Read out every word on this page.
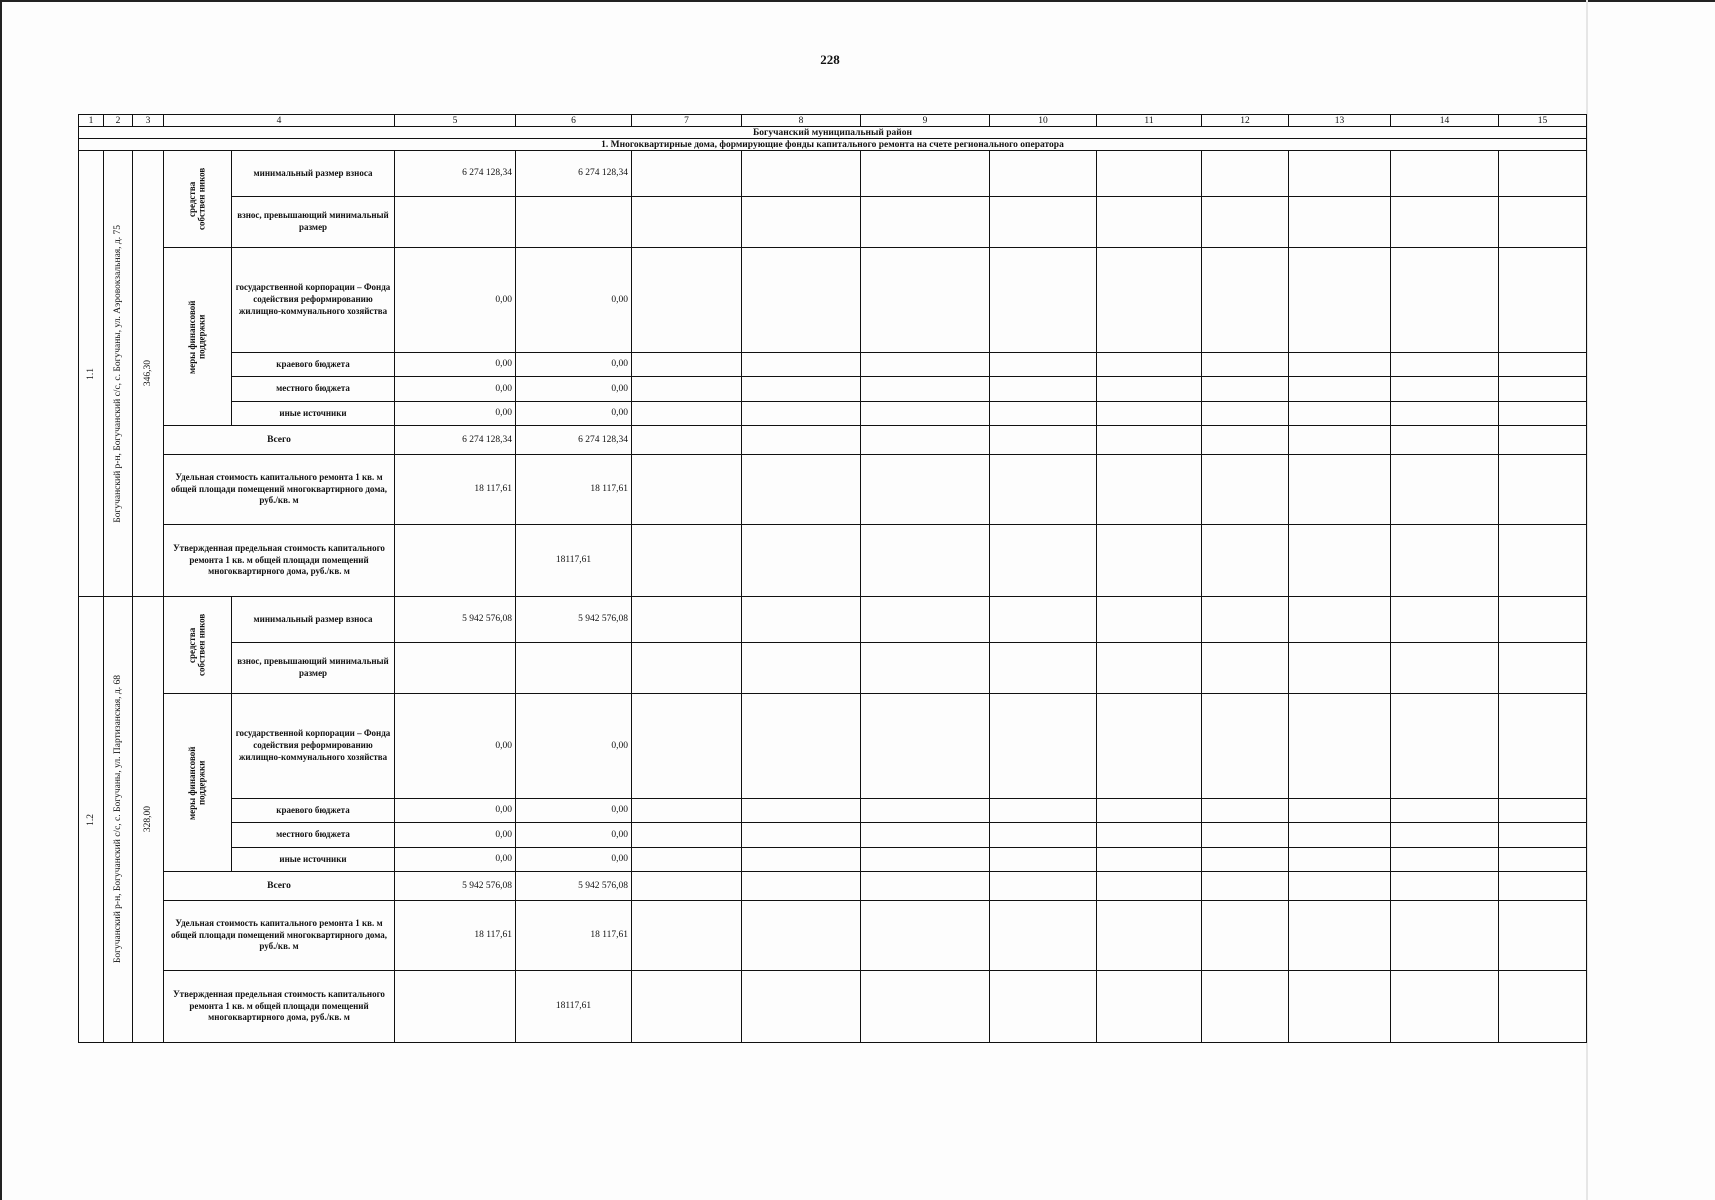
228
1	2	3	4		5	6	7	8	9	10	11	12	13	14	15
Богучанский муниципальный район															
1. Многоквартирные дома, формирующие фонды капитального ремонта на счете регионального оператора															

1.1	Богучанский р-н, Богучанский с/с, с. Богучаны, ул. Аэровокзальная, д. 75	346,30	средства собствен ников	минимальный размер взноса	6 274 128,34	6 274 128,34									
				взнос, превышающий минимальный размер											

			меры финансовой поддержки	государственной корпорации – Фонда содействия реформированию жилищно-коммунального хозяйства	0,00	0,00									
				краевого бюджета	0,00	0,00									
				местного бюджета	0,00	0,00									
				иные источники	0,00	0,00									
			Всего		6 274 128,34	6 274 128,34									
			Удельная стоимость капитального ремонта 1 кв. м общей площади помещений многоквартирного дома, руб./кв. м		18 117,61	18 117,61									
			Утвержденная предельная стоимость капитального ремонта 1 кв. м общей площади помещений многоквартирного дома, руб./кв. м			18117,61									

1.2	Богучанский р-н, Богучанский с/с, с. Богучаны, ул. Партизанская, д. 68	328,00	средства собствен ников	минимальный размер взноса	5 942 576,08	5 942 576,08									
				взнос, превышающий минимальный размер											

			меры финансовой поддержки	государственной корпорации – Фонда содействия реформированию жилищно-коммунального хозяйства	0,00	0,00									
				краевого бюджета	0,00	0,00									
				местного бюджета	0,00	0,00									
				иные источники	0,00	0,00									
			Всего		5 942 576,08	5 942 576,08									
			Удельная стоимость капитального ремонта 1 кв. м общей площади помещений многоквартирного дома, руб./кв. м		18 117,61	18 117,61									
			Утвержденная предельная стоимость капитального ремонта 1 кв. м общей площади помещений многоквартирного дома, руб./кв. м			18117,61									
